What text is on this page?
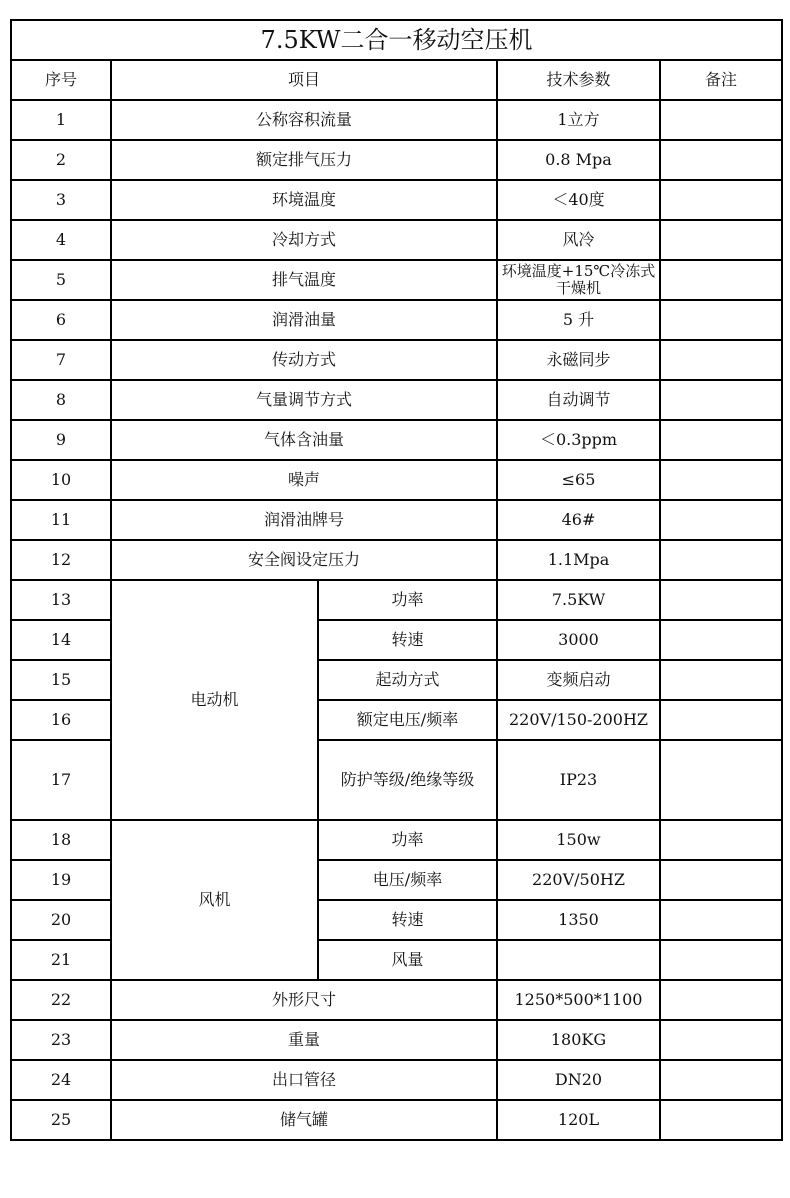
7.5KW二合一移动空压机				
序号	项目		技术参数	备注
1	公称容积流量		1立方	
2	额定排气压力		0.8 Mpa	
3	环境温度		＜40度	
4	冷却方式		风冷	
5	排气温度		环境温度+15℃冷冻式干燥机	
6	润滑油量		5 升	
7	传动方式		永磁同步	
8	气量调节方式		自动调节	
9	气体含油量		＜0.3ppm	
10	噪声		≤65	
11	润滑油牌号		46#	
12	安全阀设定压力		1.1Mpa	
13	电动机	功率	7.5KW	
14		转速	3000	
15		起动方式	变频启动	
16		额定电压/频率	220V/150-200HZ	
17		防护等级/绝缘等级	IP23	
18	风机	功率	150w	
19		电压/频率	220V/50HZ	
20		转速	1350	
21		风量		
22	外形尺寸		1250*500*1100	
23	重量		180KG	
24	出口管径		DN20	
25	储气罐		120L	
